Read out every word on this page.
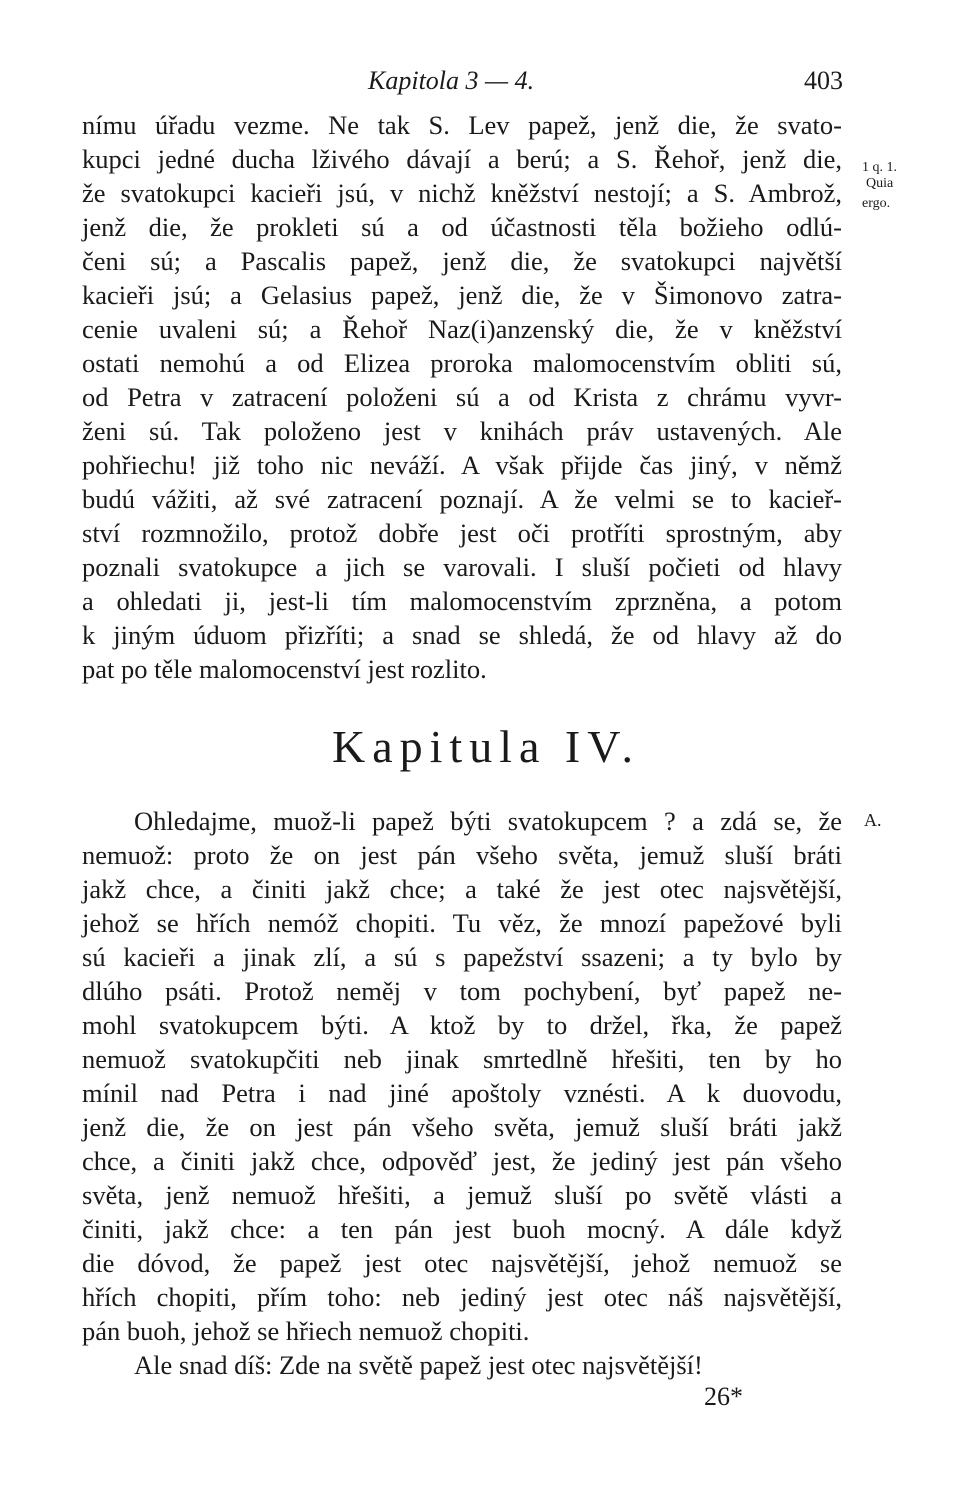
Kapitola 3 — 4.	403
nímu úřadu vezme. Ne tak S. Lev papež, jenž die, že svato-
kupci jedné ducha lživého dávají a berú; a S. Řehoř, jenž die,
že svatokupci kacieři jsú, v nichž kněžství nestojí; a S. Ambrož,
jenž die, že prokleti sú a od účastnosti těla božieho odlú-
čeni sú; a Pascalis papež, jenž die, že svatokupci najvětší
kacieři jsú; a Gelasius papež, jenž die, že v Šimonovo zatra-
cenie uvaleni sú; a Řehoř Naz(i)anzenský die, že v kněžství
ostati nemohú a od Elizea proroka malomocenstvím obliti sú,
od Petra v zatracení položeni sú a od Krista z chrámu vyvr-
ženi sú. Tak položeno jest v knihách práv ustavených. Ale
pohřiechu! již toho nic neváží. A však přijde čas jiný, v němž
budú vážiti, až své zatracení poznají. A že velmi se to kacieř-
ství rozmnožilo, protož dobře jest oči protříti sprostným, aby
poznali svatokupce a jich se varovali. I sluší počieti od hlavy
a ohledati ji, jest-li tím malomocenstvím zprzněna, a potom
k jiným úduom přizříti; a snad se shledá, že od hlavy až do
pat po těle malomocenství jest rozlito.
1 q. 1.
Quia
ergo.
A.
Kapitula IV.
Ohledajme, muož-li papež býti svatokupcem ? a zdá se, že
nemuož: proto že on jest pán všeho světa, jemuž sluší bráti
jakž chce, a činiti jakž chce; a také že jest otec najsvětější,
jehož se hřích nemóž chopiti. Tu věz, že mnozí papežové byli
sú kacieři a jinak zlí, a sú s papežství ssazeni; a ty bylo by
dlúho psáti. Protož neměj v tom pochybení, byť papež ne-
mohl svatokupcem býti. A ktož by to držel, řka, že papež
nemuož svatokupčiti neb jinak smrtedlně hřešiti, ten by ho
mínil nad Petra i nad jiné apoštoly vznésti. A k duovodu,
jenž die, že on jest pán všeho světa, jemuž sluší bráti jakž
chce, a činiti jakž chce, odpověď jest, že jediný jest pán všeho
světa, jenž nemuož hřešiti, a jemuž sluší po světě vlásti a
činiti, jakž chce: a ten pán jest buoh mocný. A dále když
die dóvod, že papež jest otec najsvětější, jehož nemuož se
hřích chopiti, přím toho: neb jediný jest otec náš najsvětější,
pán buoh, jehož se hřiech nemuož chopiti.
26*
Ale snad díš: Zde na světě papež jest otec najsvětější!
